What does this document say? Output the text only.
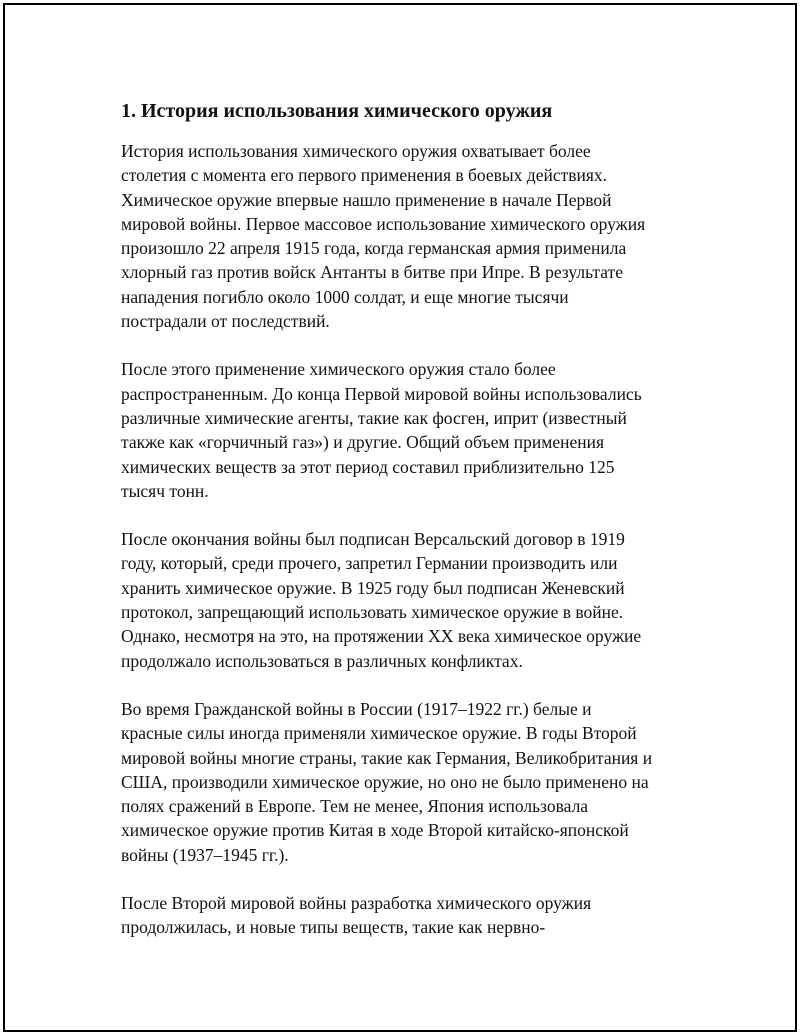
1. История использования химического оружия

История использования химического оружия охватывает более
столетия с момента его первого применения в боевых действиях.
Химическое оружие впервые нашло применение в начале Первой
мировой войны. Первое массовое использование химического оружия
произошло 22 апреля 1915 года, когда германская армия применила
хлорный газ против войск Антанты в битве при Ипре. В результате
нападения погибло около 1000 солдат, и еще многие тысячи
пострадали от последствий.

После этого применение химического оружия стало более
распространенным. До конца Первой мировой войны использовались
различные химические агенты, такие как фосген, иприт (известный
также как «горчичный газ») и другие. Общий объем применения
химических веществ за этот период составил приблизительно 125
тысяч тонн.

После окончания войны был подписан Версальский договор в 1919
году, который, среди прочего, запретил Германии производить или
хранить химическое оружие. В 1925 году был подписан Женевский
протокол, запрещающий использовать химическое оружие в войне.
Однако, несмотря на это, на протяжении XX века химическое оружие
продолжало использоваться в различных конфликтах.

Во время Гражданской войны в России (1917–1922 гг.) белые и
красные силы иногда применяли химическое оружие. В годы Второй
мировой войны многие страны, такие как Германия, Великобритания и
США, производили химическое оружие, но оно не было применено на
полях сражений в Европе. Тем не менее, Япония использовала
химическое оружие против Китая в ходе Второй китайско-японской
войны (1937–1945 гг.).

После Второй мировой войны разработка химического оружия
продолжилась, и новые типы веществ, такие как нервно-
